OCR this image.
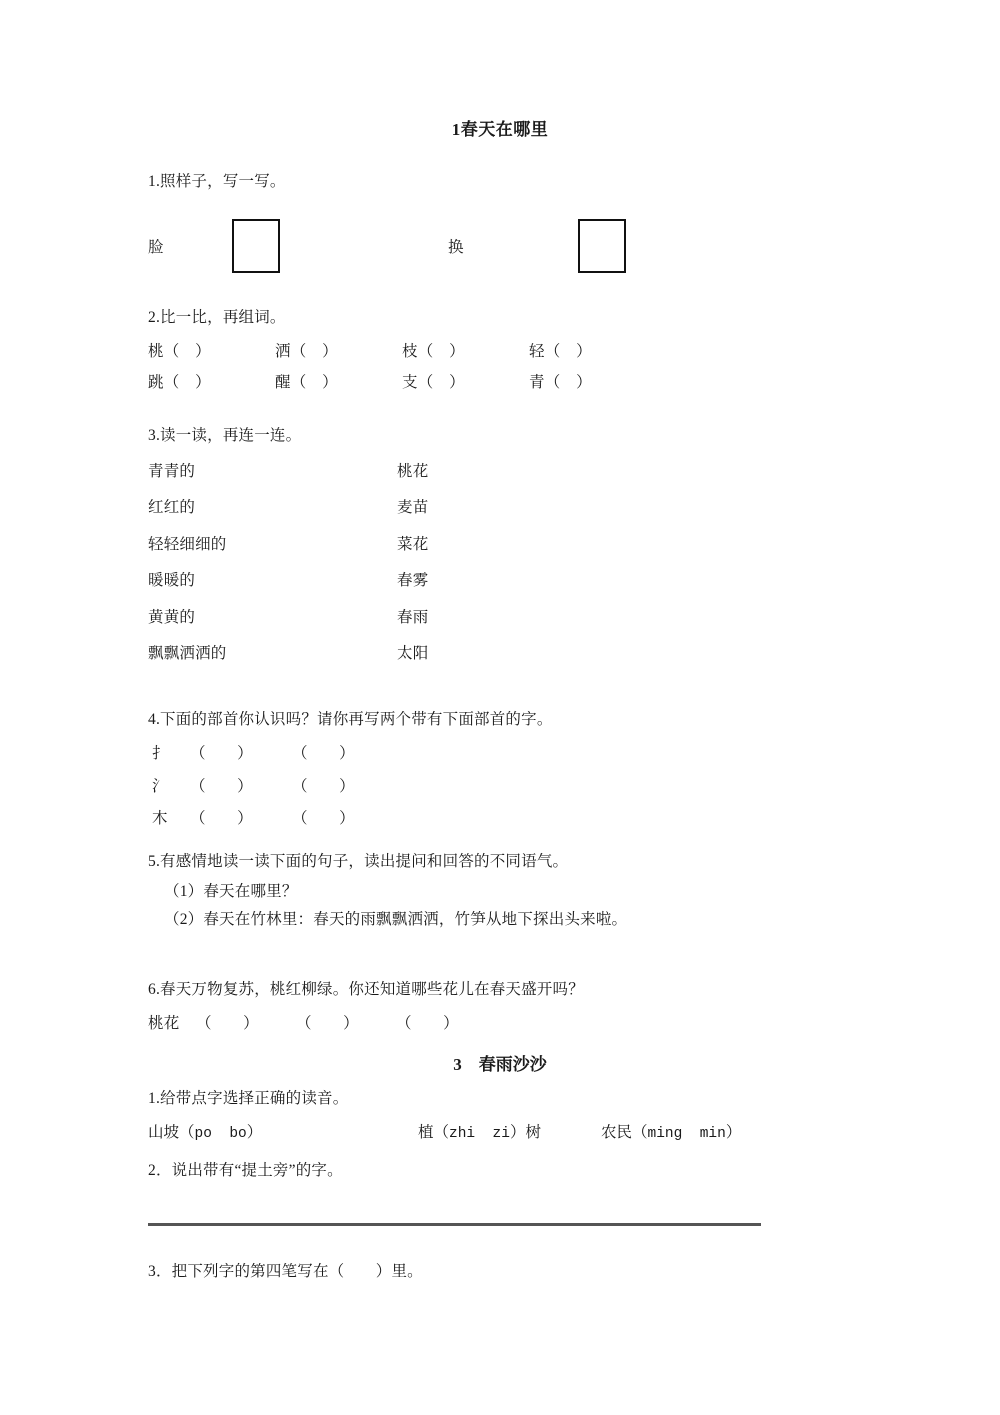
1春天在哪里

1.照样子，写一写。

脸	换

2.比一比，再组词。

桃（　）	洒（　）	枝（　）	轻（　）
跳（　）	醒（　）	支（　）	青（　）

3.读一读，再连一连。

青青的	桃花
红红的	麦苗
轻轻细细的	菜花
暖暖的	春雾
黄黄的	春雨
飘飘洒洒的	太阳

4.下面的部首你认识吗？请你再写两个带有下面部首的字。

扌	（　　）	（　　）
氵	（　　）	（　　）
木	（　　）	（　　）

5.有感情地读一读下面的句子，读出提问和回答的不同语气。

（1）春天在哪里？

（2）春天在竹林里：春天的雨飘飘洒洒，竹笋从地下探出头来啦。

6.春天万物复苏，桃红柳绿。你还知道哪些花儿在春天盛开吗？

桃花	（　　）	（　　）	（　　）
3　春雨沙沙

1.给带点字选择正确的读音。

山坡（po  bo）	植（zhi  zi）树	农民（ming  min）

2．说出带有“提土旁”的字。

3．把下列字的第四笔写在（　　）里。
